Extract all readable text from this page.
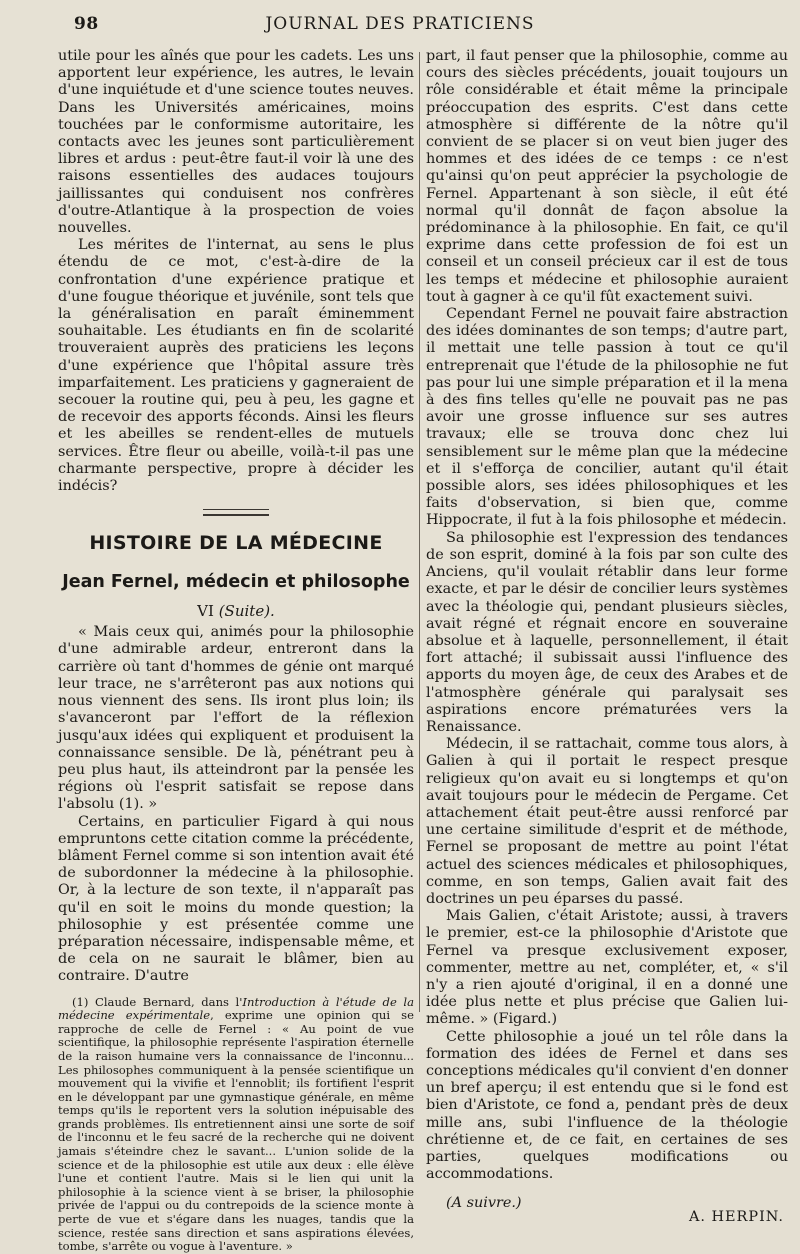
98	JOURNAL DES PRATICIENS

utile pour les aînés que pour les cadets. Les uns apportent leur expérience, les autres, le levain d'une inquiétude et d'une science toutes neuves. Dans les Universités américaines, moins touchées par le conformisme autoritaire, les contacts avec les jeunes sont particulièrement libres et ardus : peut-être faut-il voir là une des raisons essentielles des audaces toujours jaillissantes qui conduisent nos confrères d'outre-Atlantique à la prospection de voies nouvelles.

Les mérites de l'internat, au sens le plus étendu de ce mot, c'est-à-dire de la confrontation d'une expérience pratique et d'une fougue théorique et juvénile, sont tels que la généralisation en paraît éminemment souhaitable. Les étudiants en fin de scolarité trouveraient auprès des praticiens les leçons d'une expérience que l'hôpital assure très imparfaitement. Les praticiens y gagneraient de secouer la routine qui, peu à peu, les gagne et de recevoir des apports féconds. Ainsi les fleurs et les abeilles se rendent-elles de mutuels services. Être fleur ou abeille, voilà-t-il pas une charmante perspective, propre à décider les indécis?

HISTOIRE DE LA MÉDECINE
Jean Fernel, médecin et philosophe
VI (Suite).

« Mais ceux qui, animés pour la philosophie d'une admirable ardeur, entreront dans la carrière où tant d'hommes de génie ont marqué leur trace, ne s'arrêteront pas aux notions qui nous viennent des sens. Ils iront plus loin; ils s'avanceront par l'effort de la réflexion jusqu'aux idées qui expliquent et produisent la connaissance sensible. De là, pénétrant peu à peu plus haut, ils atteindront par la pensée les régions où l'esprit satisfait se repose dans l'absolu (1). »

Certains, en particulier Figard à qui nous empruntons cette citation comme la précédente, blâment Fernel comme si son intention avait été de subordonner la médecine à la philosophie. Or, à la lecture de son texte, il n'apparaît pas qu'il en soit le moins du monde question; la philosophie y est présentée comme une préparation nécessaire, indispensable même, et de cela on ne saurait le blâmer, bien au contraire. D'autre

(1) Claude Bernard, dans l'Introduction à l'étude de la médecine expérimentale, exprime une opinion qui se rapproche de celle de Fernel : « Au point de vue scientifique, la philosophie représente l'aspiration éternelle de la raison humaine vers la connaissance de l'inconnu... Les philosophes communiquent à la pensée scientifique un mouvement qui la vivifie et l'ennoblit; ils fortifient l'esprit en le développant par une gymnastique générale, en même temps qu'ils le reportent vers la solution inépuisable des grands problèmes. Ils entretiennent ainsi une sorte de soif de l'inconnu et le feu sacré de la recherche qui ne doivent jamais s'éteindre chez le savant... L'union solide de la science et de la philosophie est utile aux deux : elle élève l'une et contient l'autre. Mais si le lien qui unit la philosophie à la science vient à se briser, la philosophie privée de l'appui ou du contrepoids de la science monte à perte de vue et s'égare dans les nuages, tandis que la science, restée sans direction et sans aspirations élevées, tombe, s'arrête ou vogue à l'aventure. »

part, il faut penser que la philosophie, comme au cours des siècles précédents, jouait toujours un rôle considérable et était même la principale préoccupation des esprits. C'est dans cette atmosphère si différente de la nôtre qu'il convient de se placer si on veut bien juger des hommes et des idées de ce temps : ce n'est qu'ainsi qu'on peut apprécier la psychologie de Fernel. Appartenant à son siècle, il eût été normal qu'il donnât de façon absolue la prédominance à la philosophie. En fait, ce qu'il exprime dans cette profession de foi est un conseil et un conseil précieux car il est de tous les temps et médecine et philosophie auraient tout à gagner à ce qu'il fût exactement suivi.

Cependant Fernel ne pouvait faire abstraction des idées dominantes de son temps; d'autre part, il mettait une telle passion à tout ce qu'il entreprenait que l'étude de la philosophie ne fut pas pour lui une simple préparation et il la mena à des fins telles qu'elle ne pouvait pas ne pas avoir une grosse influence sur ses autres travaux; elle se trouva donc chez lui sensiblement sur le même plan que la médecine et il s'efforça de concilier, autant qu'il était possible alors, ses idées philosophiques et les faits d'observation, si bien que, comme Hippocrate, il fut à la fois philosophe et médecin.

Sa philosophie est l'expression des tendances de son esprit, dominé à la fois par son culte des Anciens, qu'il voulait rétablir dans leur forme exacte, et par le désir de concilier leurs systèmes avec la théologie qui, pendant plusieurs siècles, avait régné et régnait encore en souveraine absolue et à laquelle, personnellement, il était fort attaché; il subissait aussi l'influence des apports du moyen âge, de ceux des Arabes et de l'atmosphère générale qui paralysait ses aspirations encore prématurées vers la Renaissance.

Médecin, il se rattachait, comme tous alors, à Galien à qui il portait le respect presque religieux qu'on avait eu si longtemps et qu'on avait toujours pour le médecin de Pergame. Cet attachement était peut-être aussi renforcé par une certaine similitude d'esprit et de méthode, Fernel se proposant de mettre au point l'état actuel des sciences médicales et philosophiques, comme, en son temps, Galien avait fait des doctrines un peu éparses du passé.

Mais Galien, c'était Aristote; aussi, à travers le premier, est-ce la philosophie d'Aristote que Fernel va presque exclusivement exposer, commenter, mettre au net, compléter, et, « s'il n'y a rien ajouté d'original, il en a donné une idée plus nette et plus précise que Galien lui-même. » (Figard.)

Cette philosophie a joué un tel rôle dans la formation des idées de Fernel et dans ses conceptions médicales qu'il convient d'en donner un bref aperçu; il est entendu que si le fond est bien d'Aristote, ce fond a, pendant près de deux mille ans, subi l'influence de la théologie chrétienne et, de ce fait, en certaines de ses parties, quelques modifications ou accommodations.

(A suivre.)
A. HERPIN.
